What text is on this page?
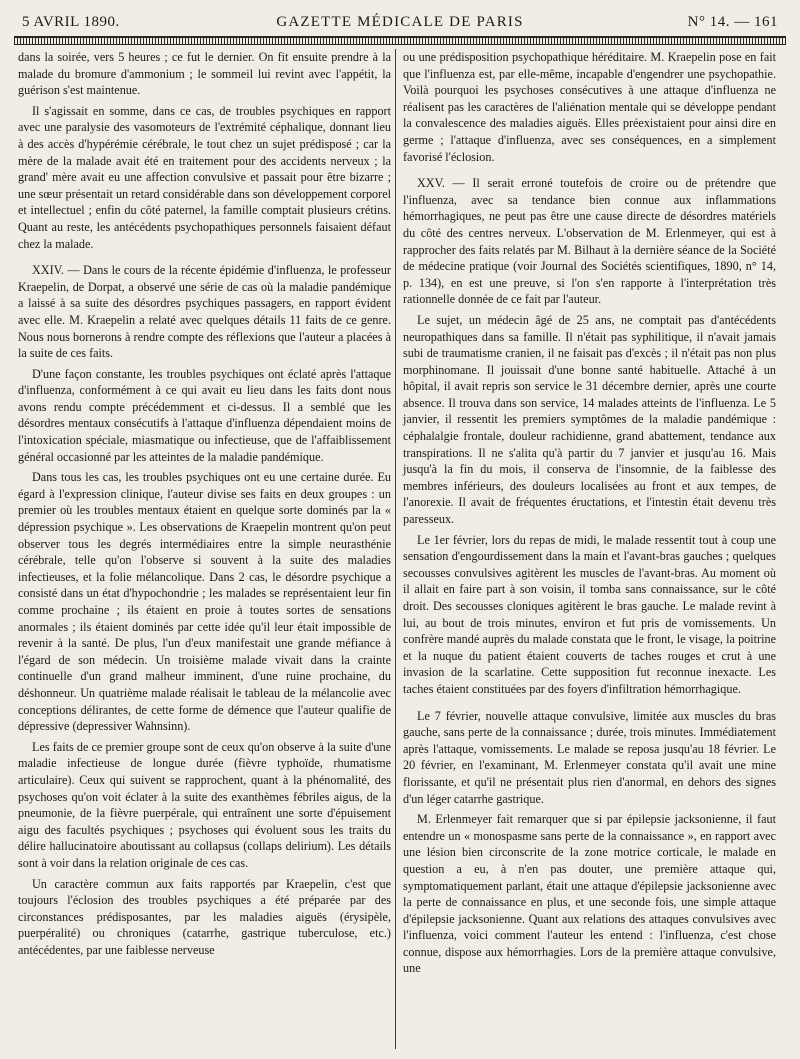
5 AVRIL 1890.	GAZETTE MÉDICALE DE PARIS	N° 14. — 161

dans la soirée, vers 5 heures ; ce fut le dernier. On fit ensuite prendre à la malade du bromure d'ammonium ; le sommeil lui revint avec l'appétit, la guérison s'est maintenue.

Il s'agissait en somme, dans ce cas, de troubles psychiques en rapport avec une paralysie des vasomoteurs de l'extrémité céphalique, donnant lieu à des accès d'hypérémie cérébrale, le tout chez un sujet prédisposé ; car la mère de la malade avait été en traitement pour des accidents nerveux ; la grand' mère avait eu une affection convulsive et passait pour être bizarre ; une sœur présentait un retard considérable dans son développement corporel et intellectuel ; enfin du côté paternel, la famille comptait plusieurs crétins. Quant au reste, les antécédents psychopathiques personnels faisaient défaut chez la malade.

XXIV. — Dans le cours de la récente épidémie d'influenza, le professeur Kraepelin, de Dorpat, a observé une série de cas où la maladie pandémique a laissé à sa suite des désordres psychiques passagers, en rapport évident avec elle. M. Kraepelin a relaté avec quelques détails 11 faits de ce genre. Nous nous bornerons à rendre compte des réflexions que l'auteur a placées à la suite de ces faits.

D'une façon constante, les troubles psychiques ont éclaté après l'attaque d'influenza, conformément à ce qui avait eu lieu dans les faits dont nous avons rendu compte précédemment et ci-dessus. Il a semblé que les désordres mentaux consécutifs à l'attaque d'influenza dépendaient moins de l'intoxication spéciale, miasmatique ou infectieuse, que de l'affaiblissement général occasionné par les atteintes de la maladie pandémique.

Dans tous les cas, les troubles psychiques ont eu une certaine durée. Eu égard à l'expression clinique, l'auteur divise ses faits en deux groupes : un premier où les troubles mentaux étaient en quelque sorte dominés par la « dépression psychique ». Les observations de Kraepelin montrent qu'on peut observer tous les degrés intermédiaires entre la simple neurasthénie cérébrale, telle qu'on l'observe si souvent à la suite des maladies infectieuses, et la folie mélancolique. Dans 2 cas, le désordre psychique a consisté dans un état d'hypochondrie ; les malades se représentaient leur fin comme prochaine ; ils étaient en proie à toutes sortes de sensations anormales ; ils étaient dominés par cette idée qu'il leur était impossible de revenir à la santé. De plus, l'un d'eux manifestait une grande méfiance à l'égard de son médecin. Un troisième malade vivait dans la crainte continuelle d'un grand malheur imminent, d'une ruine prochaine, du déshonneur. Un quatrième malade réalisait le tableau de la mélancolie avec conceptions délirantes, de cette forme de démence que l'auteur qualifie de dépressive (depressiver Wahnsinn).

Les faits de ce premier groupe sont de ceux qu'on observe à la suite d'une maladie infectieuse de longue durée (fièvre typhoïde, rhumatisme articulaire). Ceux qui suivent se rapprochent, quant à la phénomalité, des psychoses qu'on voit éclater à la suite des exanthèmes fébriles aigus, de la pneumonie, de la fièvre puerpérale, qui entraînent une sorte d'épuisement aigu des facultés psychiques ; psychoses qui évoluent sous les traits du délire hallucinatoire aboutissant au collapsus (collaps delirium). Les détails sont à voir dans la relation originale de ces cas.

Un caractère commun aux faits rapportés par Kraepelin, c'est que toujours l'éclosion des troubles psychiques a été préparée par des circonstances prédisposantes, par les maladies aiguës (érysipèle, puerpéralité) ou chroniques (catarrhe, gastrique tuberculose, etc.) antécédentes, par une faiblesse nerveuse

ou une prédisposition psychopathique héréditaire. M. Kraepelin pose en fait que l'influenza est, par elle-même, incapable d'engendrer une psychopathie. Voilà pourquoi les psychoses consécutives à une attaque d'influenza ne réalisent pas les caractères de l'aliénation mentale qui se développe pendant la convalescence des maladies aiguës. Elles préexistaient pour ainsi dire en germe ; l'attaque d'influenza, avec ses conséquences, en a simplement favorisé l'éclosion.

XXV. — Il serait erroné toutefois de croire ou de prétendre que l'influenza, avec sa tendance bien connue aux inflammations hémorrhagiques, ne peut pas être une cause directe de désordres matériels du côté des centres nerveux. L'observation de M. Erlenmeyer, qui est à rapprocher des faits relatés par M. Bilhaut à la dernière séance de la Société de médecine pratique (voir Journal des Sociétés scientifiques, 1890, n° 14, p. 134), en est une preuve, si l'on s'en rapporte à l'interprétation très rationnelle donnée de ce fait par l'auteur.

Le sujet, un médecin âgé de 25 ans, ne comptait pas d'antécédents neuropathiques dans sa famille. Il n'était pas syphilitique, il n'avait jamais subi de traumatisme cranien, il ne faisait pas d'excès ; il n'était pas non plus morphinomane. Il jouissait d'une bonne santé habituelle. Attaché à un hôpital, il avait repris son service le 31 décembre dernier, après une courte absence. Il trouva dans son service, 14 malades atteints de l'influenza. Le 5 janvier, il ressentit les premiers symptômes de la maladie pandémique : céphalalgie frontale, douleur rachidienne, grand abattement, tendance aux transpirations. Il ne s'alita qu'à partir du 7 janvier et jusqu'au 16. Mais jusqu'à la fin du mois, il conserva de l'insomnie, de la faiblesse des membres inférieurs, des douleurs localisées au front et aux tempes, de l'anorexie. Il avait de fréquentes éructations, et l'intestin était devenu très paresseux.

Le 1er février, lors du repas de midi, le malade ressentit tout à coup une sensation d'engourdissement dans la main et l'avant-bras gauches ; quelques secousses convulsives agitèrent les muscles de l'avant-bras. Au moment où il allait en faire part à son voisin, il tomba sans connaissance, sur le côté droit. Des secousses cloniques agitèrent le bras gauche. Le malade revint à lui, au bout de trois minutes, environ et fut pris de vomissements. Un confrère mandé auprès du malade constata que le front, le visage, la poitrine et la nuque du patient étaient couverts de taches rouges et crut à une invasion de la scarlatine. Cette supposition fut reconnue inexacte. Les taches étaient constituées par des foyers d'infiltration hémorrhagique.

Le 7 février, nouvelle attaque convulsive, limitée aux muscles du bras gauche, sans perte de la connaissance ; durée, trois minutes. Immédiatement après l'attaque, vomissements. Le malade se reposa jusqu'au 18 février. Le 20 février, en l'examinant, M. Erlenmeyer constata qu'il avait une mine florissante, et qu'il ne présentait plus rien d'anormal, en dehors des signes d'un léger catarrhe gastrique.

M. Erlenmeyer fait remarquer que si par épilepsie jacksonienne, il faut entendre un « monospasme sans perte de la connaissance », en rapport avec une lésion bien circonscrite de la zone motrice corticale, le malade en question a eu, à n'en pas douter, une première attaque qui, symptomatiquement parlant, était une attaque d'épilepsie jacksonienne avec la perte de connaissance en plus, et une seconde fois, une simple attaque d'épilepsie jacksonienne. Quant aux relations des attaques convulsives avec l'influenza, voici comment l'auteur les entend : l'influenza, c'est chose connue, dispose aux hémorrhagies. Lors de la première attaque convulsive, une
